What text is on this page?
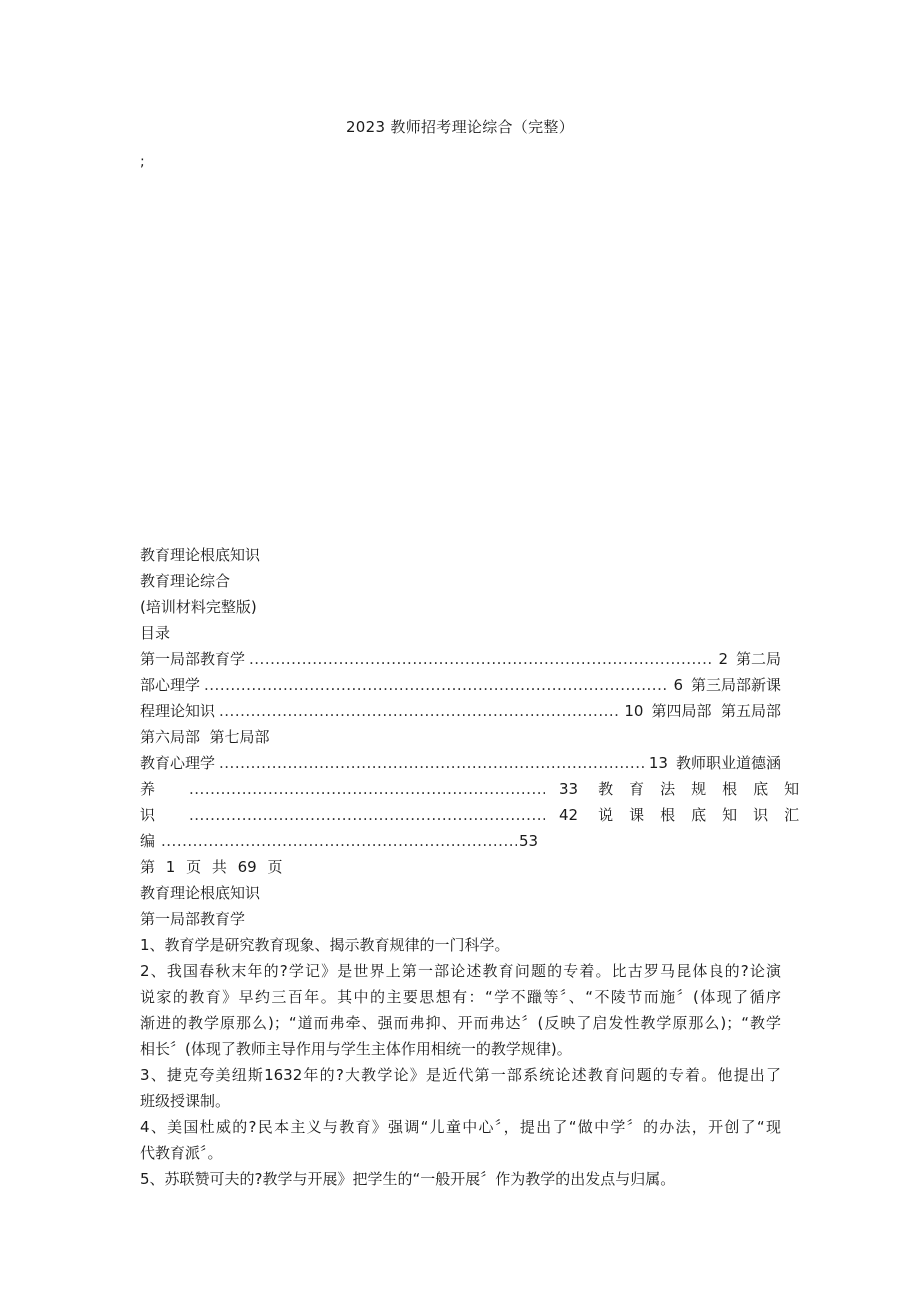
2023 教师招考理论综合（完整）
;
教育理论根底知识
教育理论综合
(培训材料完整版)
目录
第一局部教育学 .....	2 第二局
部心理学 .....	6 第三局部新课
程理论知识 .....	10 第四局部  第五局部
第六局部  第七局部
教育心理学 .....	13 教师职业道德涵
养 .....	33 教育法规根底知
识 .....	42 说课根底知识汇
编 .....	53
第 1 页 共 69 页
教育理论根底知识
第一局部教育学
1、教育学是研究教育现象、揭示教育规律的一门科学。
2、我国春秋末年的?学记》是世界上第一部论述教育问题的专着。比古罗马昆体良的?论演
说家的教育》早约三百年。其中的主要思想有：“学不躐等〞、“不陵节而施〞(体现了循序
渐进的教学原那么)；“道而弗牵、强而弗抑、开而弗达〞(反映了启发性教学原那么)；“教学
相长〞(体现了教师主导作用与学生主体作用相统一的教学规律)。
3、捷克夸美纽斯1632年的?大教学论》是近代第一部系统论述教育问题的专着。他提出了
班级授课制。
4、美国杜威的?民本主义与教育》强调“儿童中心〞，提出了“做中学〞的办法，开创了“现
代教育派〞。
5、苏联赞可夫的?教学与开展》把学生的“一般开展〞作为教学的出发点与归属。
